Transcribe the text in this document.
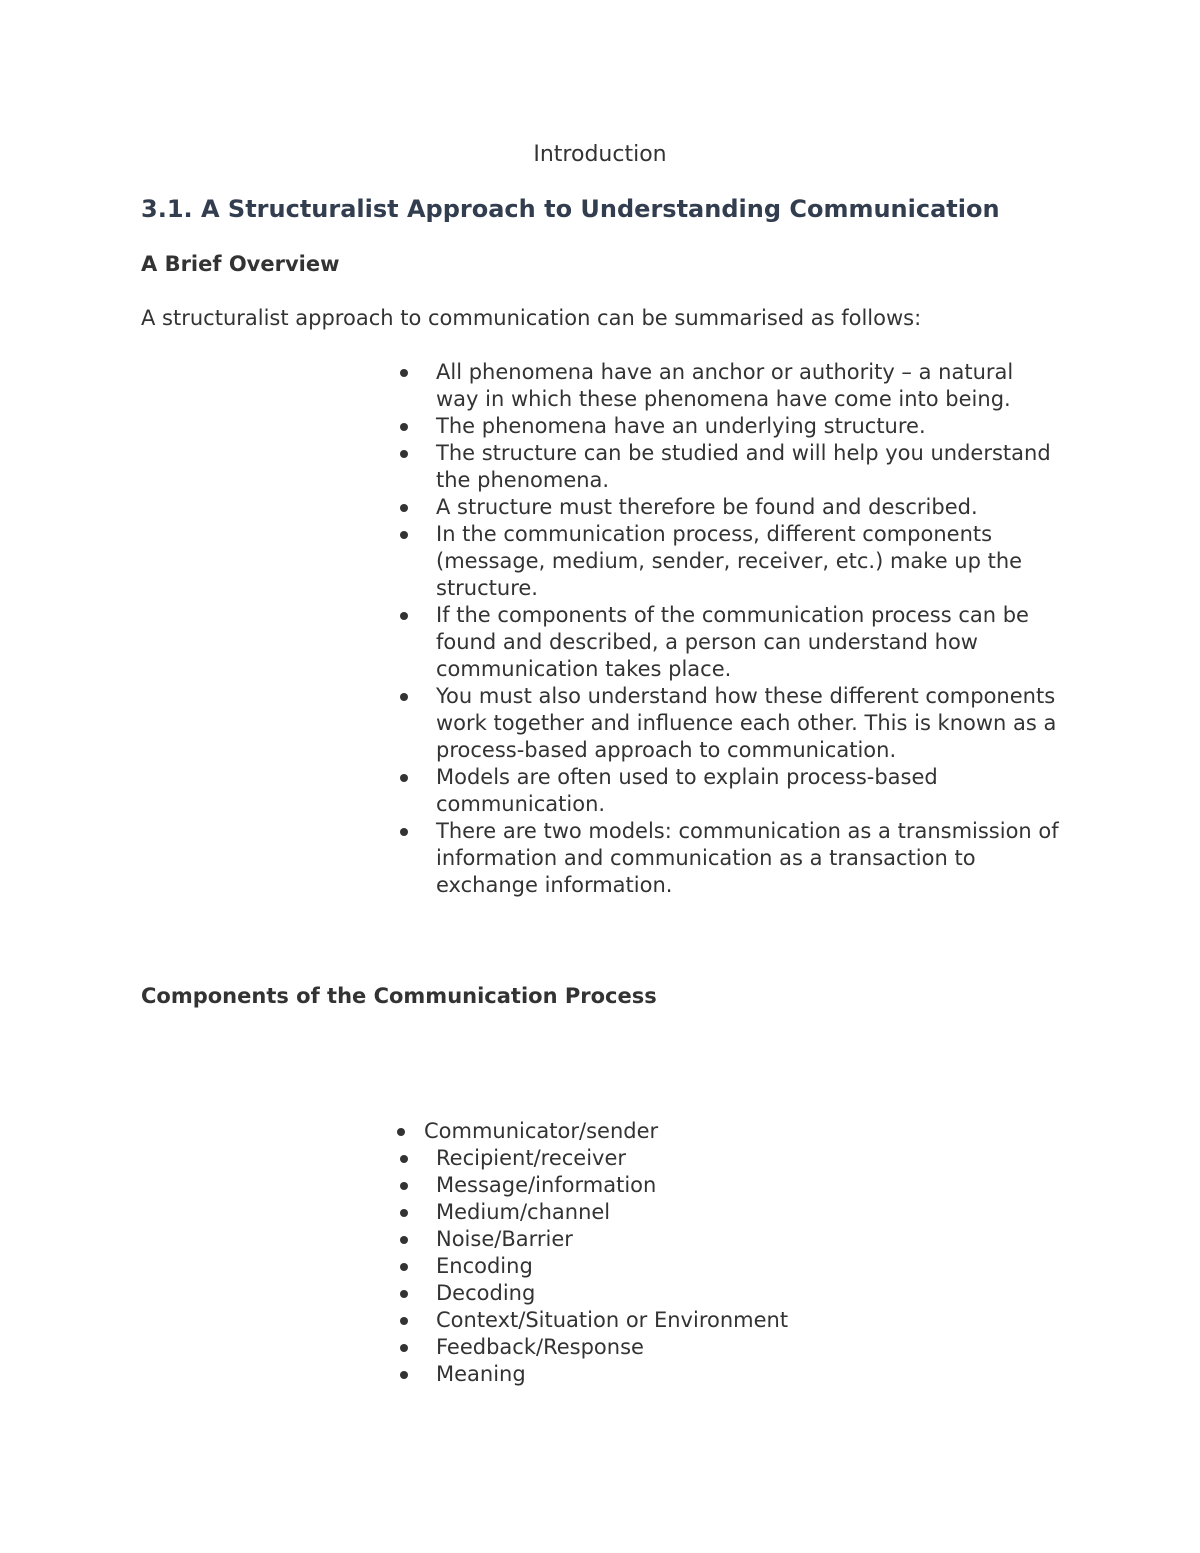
Introduction
3.1. A Structuralist Approach to Understanding Communication
A Brief Overview
A structuralist approach to communication can be summarised as follows:
All phenomena have an anchor or authority – a natural way in which these phenomena have come into being.
The phenomena have an underlying structure.
The structure can be studied and will help you understand the phenomena.
A structure must therefore be found and described.
In the communication process, different components (message, medium, sender, receiver, etc.) make up the structure.
If the components of the communication process can be found and described, a person can understand how communication takes place.
You must also understand how these different components work together and influence each other. This is known as a process-based approach to communication.
Models are often used to explain process-based communication.
There are two models: communication as a transmission of information and communication as a transaction to exchange information.
Components of the Communication Process
Communicator/sender
Recipient/receiver
Message/information
Medium/channel
Noise/Barrier
Encoding
Decoding
Context/Situation or Environment
Feedback/Response
Meaning
